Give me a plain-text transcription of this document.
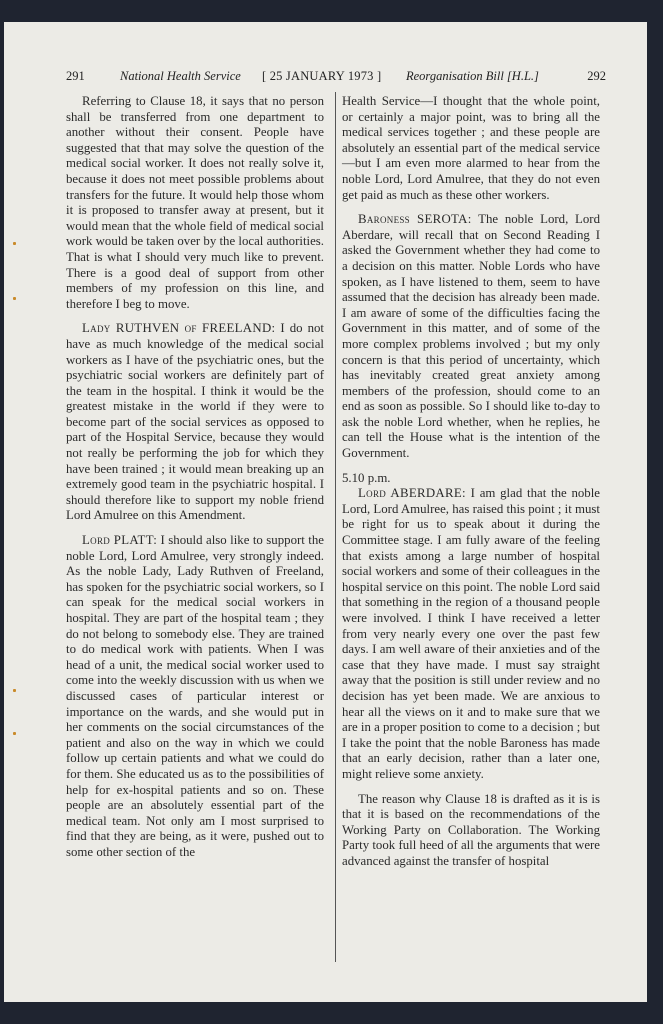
291	National Health Service [ 25 JANUARY 1973 ] Reorganisation Bill [H.L.]	292

Referring to Clause 18, it says that no person shall be transferred from one department to another without their consent. People have suggested that that may solve the question of the medical social worker. It does not really solve it, because it does not meet possible problems about transfers for the future. It would help those whom it is proposed to transfer away at present, but it would mean that the whole field of medical social work would be taken over by the local authorities. That is what I should very much like to prevent. There is a good deal of support from other members of my profession on this line, and therefore I beg to move.

Lady RUTHVEN of FREELAND: I do not have as much knowledge of the medical social workers as I have of the psychiatric ones, but the psychiatric social workers are definitely part of the team in the hospital. I think it would be the greatest mistake in the world if they were to become part of the social services as opposed to part of the Hospital Service, because they would not really be performing the job for which they have been trained ; it would mean breaking up an extremely good team in the psychiatric hospital. I should therefore like to support my noble friend Lord Amulree on this Amendment.

Lord PLATT: I should also like to support the noble Lord, Lord Amulree, very strongly indeed. As the noble Lady, Lady Ruthven of Freeland, has spoken for the psychiatric social workers, so I can speak for the medical social workers in hospital. They are part of the hospital team ; they do not belong to somebody else. They are trained to do medical work with patients. When I was head of a unit, the medical social worker used to come into the weekly discussion with us when we discussed cases of particular interest or importance on the wards, and she would put in her comments on the social circumstances of the patient and also on the way in which we could follow up certain patients and what we could do for them. She educated us as to the possibilities of help for ex-hospital patients and so on. These people are an absolutely essential part of the medical team. Not only am I most surprised to find that they are being, as it were, pushed out to some other section of the

Health Service—I thought that the whole point, or certainly a major point, was to bring all the medical services together ; and these people are absolutely an essential part of the medical service—but I am even more alarmed to hear from the noble Lord, Lord Amulree, that they do not even get paid as much as these other workers.

Baroness SEROTA: The noble Lord, Lord Aberdare, will recall that on Second Reading I asked the Government whether they had come to a decision on this matter. Noble Lords who have spoken, as I have listened to them, seem to have assumed that the decision has already been made. I am aware of some of the difficulties facing the Government in this matter, and of some of the more complex problems involved ; but my only concern is that this period of uncertainty, which has inevitably created great anxiety among members of the profession, should come to an end as soon as possible. So I should like to-day to ask the noble Lord whether, when he replies, he can tell the House what is the intention of the Government.

5.10 p.m.

Lord ABERDARE: I am glad that the noble Lord, Lord Amulree, has raised this point ; it must be right for us to speak about it during the Committee stage. I am fully aware of the feeling that exists among a large number of hospital social workers and some of their colleagues in the hospital service on this point. The noble Lord said that something in the region of a thousand people were involved. I think I have received a letter from very nearly every one over the past few days. I am well aware of their anxieties and of the case that they have made. I must say straight away that the position is still under review and no decision has yet been made. We are anxious to hear all the views on it and to make sure that we are in a proper position to come to a decision ; but I take the point that the noble Baroness has made that an early decision, rather than a later one, might relieve some anxiety.

The reason why Clause 18 is drafted as it is is that it is based on the recommendations of the Working Party on Collaboration. The Working Party took full heed of all the arguments that were advanced against the transfer of hospital
